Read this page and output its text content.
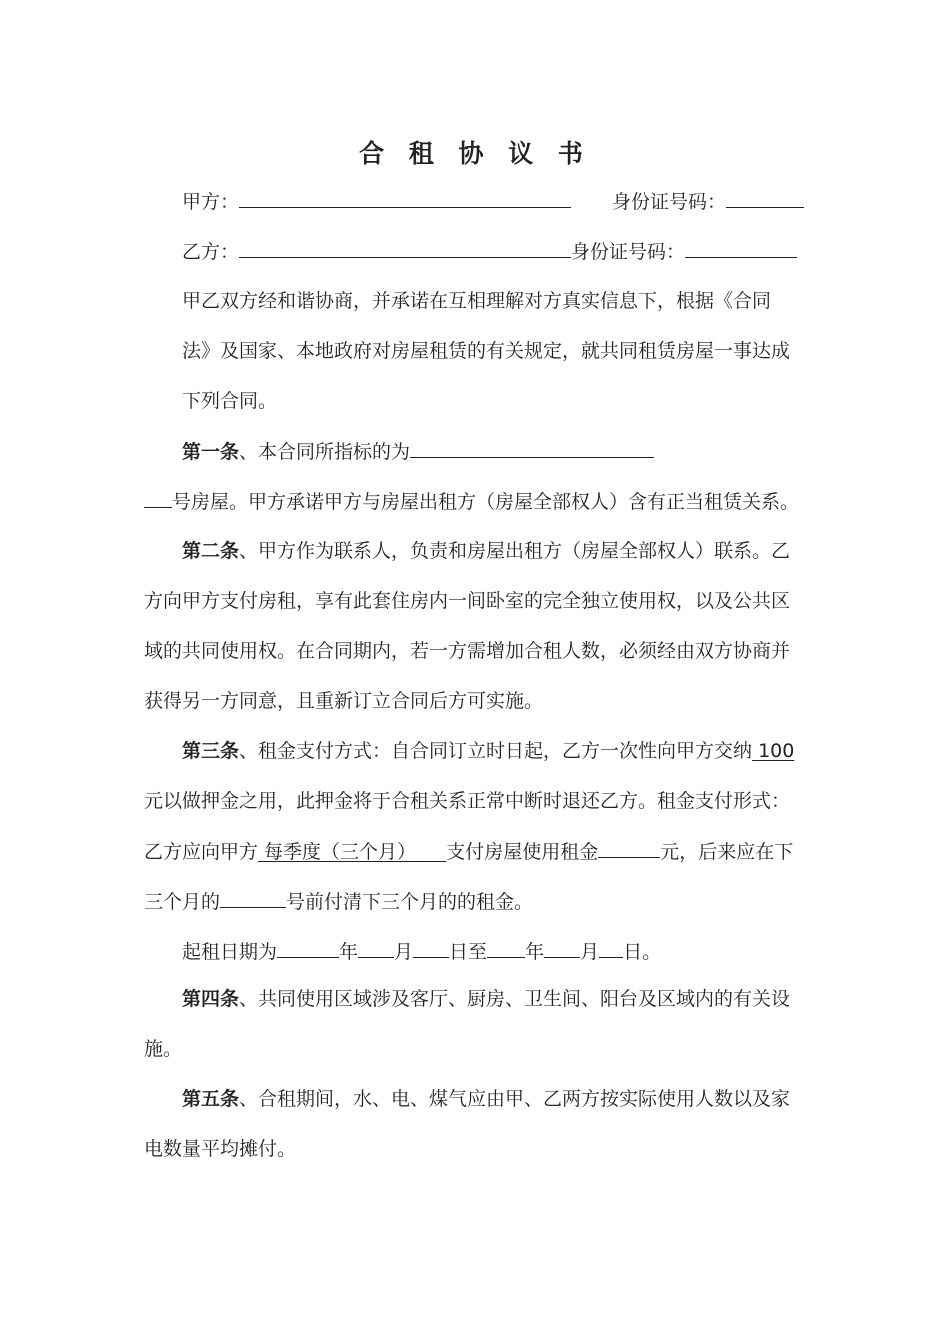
合 租 协 议 书
甲方：	身份证号码：
乙方：	身份证号码：
甲乙双方经和谐协商，并承诺在互相理解对方真实信息下，根据《合同
法》及国家、本地政府对房屋租赁的有关规定，就共同租赁房屋一事达成
下列合同。
第一条、本合同所指标的为
号房屋。甲方承诺甲方与房屋出租方（房屋全部权人）含有正当租赁关系。
第二条、甲方作为联系人，负责和房屋出租方（房屋全部权人）联系。乙
方向甲方支付房租，享有此套住房内一间卧室的完全独立使用权，以及公共区
域的共同使用权。在合同期内，若一方需增加合租人数，必须经由双方协商并
获得另一方同意，且重新订立合同后方可实施。
第三条、租金支付方式：自合同订立时日起，乙方一次性向甲方交纳 100
元以做押金之用，此押金将于合租关系正常中断时退还乙方。租金支付形式：
乙方应向甲方 每季度（三个月） 支付房屋使用租金	元，后来应在下
三个月的	号前付清下三个月的的租金。
起租日期为	年 月 日至 年 月 日。
第四条、共同使用区域涉及客厅、厨房、卫生间、阳台及区域内的有关设
施。
第五条、合租期间，水、电、煤气应由甲、乙两方按实际使用人数以及家
电数量平均摊付。
